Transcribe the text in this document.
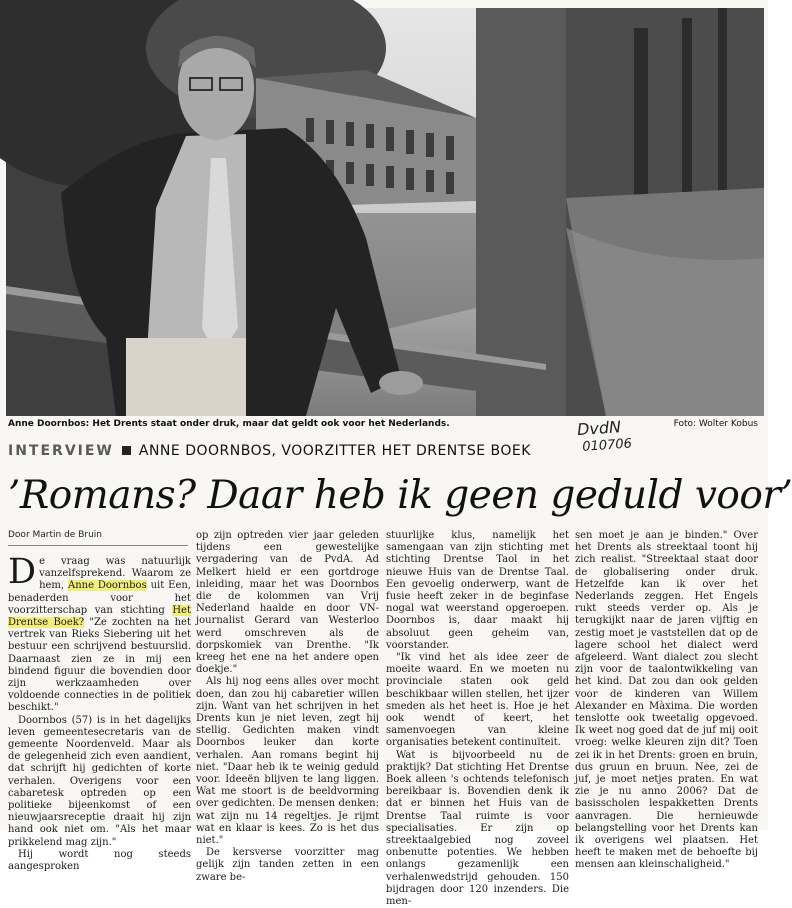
Anne Doornbos: Het Drents staat onder druk, maar dat geldt ook voor het Nederlands.	Foto: Wolter Kobus
DvdN
010706
INTERVIEW ANNE DOORNBOS, VOORZITTER HET DRENTSE BOEK
’Romans? Daar heb ik geen geduld voor’
Door Martin de Bruin

De vraag was natuurlijk vanzelfsprekend. Waarom ze hem, Anne Doornbos uit Een, benaderden voor het voorzitterschap van stichting Het Drentse Boek? "Ze zochten na het vertrek van Rieks Siebering uit het bestuur een schrijvend bestuurslid. Daarnaast zien ze in mij een bindend figuur die bovendien door zijn werkzaamheden over voldoende connecties in de politiek beschikt."

Doornbos (57) is in het dagelijks leven gemeentesecretaris van de gemeente Noordenveld. Maar als de gelegenheid zich even aandient, dat schrijft hij gedichten of korte verhalen. Overigens voor een cabaretesk optreden op een politieke bijeenkomst of een nieuwjaarsreceptie draait hij zijn hand ook niet om. "Als het maar prikkelend mag zijn."

Hij wordt nog steeds aangesproken

op zijn optreden vier jaar geleden tijdens een gewestelijke vergadering van de PvdA. Ad Melkert hield er een gortdroge inleiding, maar het was Doornbos die de kolommen van Vrij Nederland haalde en door VN-journalist Gerard van Westerloo werd omschreven als de dorpskomiek van Drenthe. "Ik kreeg het ene na het andere open doekje."

Als hij nog eens alles over mocht doen, dan zou hij cabaretier willen zijn. Want van het schrijven in het Drents kun je niet leven, zegt hij stellig. Gedichten maken vindt Doornbos leuker dan korte verhalen. Aan romans begint hij niet. "Daar heb ik te weinig geduld voor. Ideeën blijven te lang liggen. Wat me stoort is de beeldvorming over gedichten. De mensen denken: wat zijn nu 14 regeltjes. Je rijmt wat en klaar is kees. Zo is het dus niet."

De kersverse voorzitter mag gelijk zijn tanden zetten in een zware be-

stuurlijke klus, namelijk het samengaan van zijn stichting met stichting Drentse Taol in het nieuwe Huis van de Drentse Taal. Een gevoelig onderwerp, want de fusie heeft zeker in de beginfase nogal wat weerstand opgeroepen. Doornbos is, daar maakt hij absoluut geen geheim van, voorstander.

"Ik vind het als idee zeer de moeite waard. En we moeten nu provinciale staten ook geld beschikbaar willen stellen, het ijzer smeden als het heet is. Hoe je het ook wendt of keert, het samenvoegen van kleine organisaties betekent continuïteit.

Wat is bijvoorbeeld nu de praktijk? Dat stichting Het Drentse Boek alleen 's ochtends telefonisch bereikbaar is. Bovendien denk ik dat er binnen het Huis van de Drentse Taal ruimte is voor specialisaties. Er zijn op streektaalgebied nog zoveel onbenutte potenties. We hebben onlangs gezamenlijk een verhalenwedstrijd gehouden. 150 bijdragen door 120 inzenders. Die men-

sen moet je aan je binden." Over het Drents als streektaal toont hij zich realist. "Streektaal staat door de globalisering onder druk. Hetzelfde kan ik over het Nederlands zeggen. Het Engels rukt steeds verder op. Als je terugkijkt naar de jaren vijftig en zestig moet je vaststellen dat op de lagere school het dialect werd afgeleerd. Want dialect zou slecht zijn voor de taalontwikkeling van het kind. Dat zou dan ook gelden voor de kinderen van Willem Alexander en Màxima. Die worden tenslotte ook tweetalig opgevoed. Ik weet nog goed dat de juf mij ooit vroeg: welke kleuren zijn dit? Toen zei ik in het Drents: groen en bruin, dus gruun en bruun. Nee, zei de juf, je moet netjes praten. En wat zie je nu anno 2006? Dat de basisscholen lespakketten Drents aanvragen. Die hernieuwde belangstelling voor het Drents kan ik overigens wel plaatsen. Het heeft te maken met de behoefte bij mensen aan kleinschaligheid."
